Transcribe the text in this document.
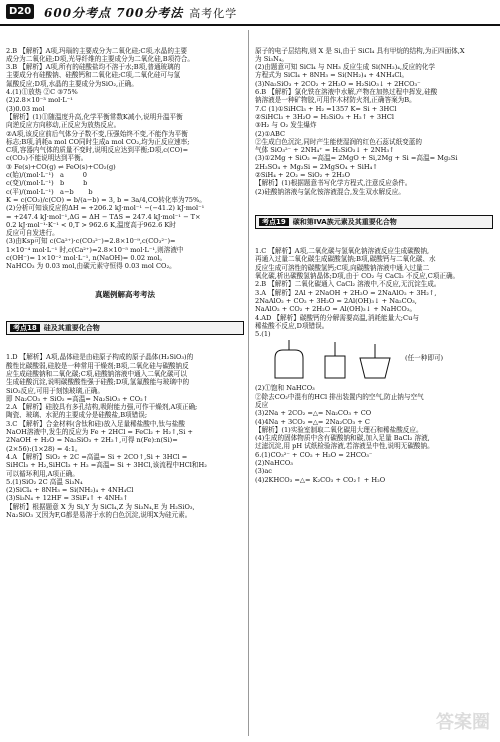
D20 600分考点 700分考法 高考化学

2.B 【解析】A项,玛瑙的主要成分为二氧化硅;C项,水晶的主要
成分为二氧化硅;D项,光导纤维的主要成分为二氧化硅,B项符合。
3.B 【解析】A项,所有的硅酸盐均不溶于水;B项,普通玻璃的
主要成分有硅酸钠、硅酸钙和二氧化硅;C项,二氧化硅可与氢
氟酸反应;D项,水晶的主要成分为SiO₂,正确。
4.(1)①放热 ②C ③75%
(2)2.8×10⁻³ mol·L⁻¹
(3)0.03 mol
【解析】(1)①随温度升高,化学平衡常数K减小,说明升温平衡
向逆反应方向移动,正反应为放热反应。
②A项,该反应前后气体分子数不变,压强始终不变,不能作为平衡
标志;B项,消耗a mol CO同时生成a mol CO₂,均为正反应速率;
C项,容器内气体的质量不变时,说明反应达到平衡;D项,c(CO)=
c(CO₂)不能说明达到平衡。
③ Fe(s)+CO(g) ⇌ FeO(s)+CO₂(g)
c(始)/(mol·L⁻¹)   a         0
c(变)/(mol·L⁻¹)   b         b
c(平)/(mol·L⁻¹)   a−b       b
K = c(CO₂)/c(CO) = b/(a−b) = 3, b = 3a/4,CO转化率为75%。
(2)分析可知该反应的ΔH = +206.2 kJ·mol⁻¹ −(−41.2) kJ·mol⁻¹
= +247.4 kJ·mol⁻¹,ΔG = ΔH − TΔS = 247.4 kJ·mol⁻¹ − T×
0.2 kJ·mol⁻¹·K⁻¹ < 0,T > 962.6 K,温度高于962.6 K时
反应可自发进行。
(3)由Ksp可知 c(Ca²⁺)·c(CO₃²⁻)=2.8×10⁻⁹,c(CO₃²⁻)=
1×10⁻⁴ mol·L⁻¹ 时,c(Ca²⁺)=2.8×10⁻⁵ mol·L⁻¹,则溶液中
c(OH⁻)= 1×10⁻² mol·L⁻¹, n(NaOH)= 0.02 mol。
NaHCO₃ 为 0.03 mol,由碳元素守恒得 0.03 mol CO₂。

真题例解高考考法

考点18 硅及其重要化合物

1.D 【解析】A项,晶体硅是由硅原子构成的原子晶体(H₂SiO₃)的
酸性比碳酸弱,硅胶是一种常用干燥剂;B项,二氧化硅与碳酸钠反
应生成硅酸钠和二氧化碳;C项,硅酸钠溶液中通入二氧化碳可以
生成硅酸沉淀,说明碳酸酸性强于硅酸;D项,氢氟酸能与玻璃中的
SiO₂反应,可用于刻蚀玻璃,正确。
即 Na₂CO₃ + SiO₂ =高温= Na₂SiO₃ + CO₂↑
2.A 【解析】硅胶具有多孔结构,吸附能力强,可作干燥剂,A项正确;
陶瓷、玻璃、水泥的主要成分是硅酸盐,B项错误;
3.C 【解析】合金材料(含钛和硅)放入足量稀盐酸中,钛与盐酸
NaOH溶液中,发生的反应为 Fe + 2HCl = FeCl₂ + H₂↑,Si +
2NaOH + H₂O = Na₂SiO₃ + 2H₂↑,可得 n(Fe):n(Si)=
(2×56):(1×28) = 4:1。
4.A 【解析】SiO₂ + 2C =高温= Si + 2CO↑,Si + 3HCl =
SiHCl₃ + H₂,SiHCl₃ + H₂ =高温= Si + 3HCl,该流程中HCl和H₂
可以循环利用,A项正确。
5.(1)SiO₂ 2C 高温 Si₃N₄
(2)SiCl₄ + 8NH₃ = Si(NH₂)₄ + 4NH₄Cl
(3)Si₃N₄ + 12HF = 3SiF₄↑ + 4NH₃↑
【解析】根据题意 X 为 Si,Y 为 SiCl₄,Z 为 Si₃N₄,E 为 H₂SiO₃,
Na₂SiO₃ 又因为F,G都是易溶于水的白色沉淀,说明X为硅元素。

原子的电子层结构,则 X 是 Si,由于 SiCl₄ 具有甲烷的结构,为正四面体,X
为 Si₃N₄。
(2)由题意可知 SiCl₄ 与 NH₃ 反应生成 Si(NH₂)₄,反应的化学
方程式为 SiCl₄ + 8NH₃ = Si(NH₂)₄ + 4NH₄Cl。
(3)Na₂SiO₃ + 2CO₂ + 2H₂O = H₂SiO₃↓ + 2HCO₃⁻
6.B 【解析】氯化铁在溶液中水解,产物在加热过程中挥发,硅酸
钠溶液是一种矿物胶,可用作木材防火剂,正确答案为B。
7.C (1)①SiHCl₃ + H₂ =1357 K= Si + 3HCl
②SiHCl₃ + 3H₂O = H₂SiO₃ + H₂↑ + 3HCl
③H₂ 与 O₂ 发生爆炸
(2)①ABC
②生成白色沉淀,同时产生能使湿润的红色石蕊试纸变蓝的
气体 SiO₃²⁻ + 2NH₄⁺ = H₂SiO₃↓ + 2NH₃↑
(3)①2Mg + SiO₂ =高温= 2MgO + Si,2Mg + Si =高温= Mg₂Si
2H₂SO₄ + Mg₂Si = 2MgSO₄ + SiH₄↑
②SiH₄ + 2O₂ = SiO₂ + 2H₂O
【解析】(1)根据题意书写化学方程式,注意反应条件。
(2)硅酸钠溶液与氯化铵溶液混合,发生双水解反应。

考点19 碳和第IVA族元素及其重要化合物

1.C 【解析】A项,二氧化碳与氢氧化钠溶液反应生成碳酸钠,
再通入过量二氧化碳生成碳酸氢钠;B项,碳酸钙与二氧化碳、水
反应生成可溶性的碳酸氢钙;C项,向碳酸钠溶液中通入过量二
氧化碳,析出碳酸氢钠晶体;D项,由于 CO₂ 与 CaCl₂ 不反应,C项正确。
2.B 【解析】二氧化碳通入 CaCl₂ 溶液中,不反应,无沉淀生成。
3.A 【解析】2Al + 2NaOH + 2H₂O = 2NaAlO₂ + 3H₂↑,
2NaAlO₂ + CO₂ + 3H₂O = 2Al(OH)₃↓ + Na₂CO₃,
NaAlO₂ + CO₂ + 2H₂O = Al(OH)₃↓ + NaHCO₃。
4.AD 【解析】碳酸钙的分解需要高温,消耗能量大;Cu与
稀盐酸不反应,D项错误。
5.(1)
(任一种即可)
(2)①饱和 NaHCO₃
②除去CO₂中混有的HCl 排出装置内的空气,防止钠与空气
反应
(3)2Na + 2CO₂ =△= Na₂CO₃ + CO
(4)4Na + 3CO₂ =△= 2Na₂CO₃ + C
【解析】(1)实验室制取二氧化碳用大理石和稀盐酸反应。
(4)生成的固体物质中含有碳酸钠和碳,加入足量 BaCl₂ 溶液,
过滤沉淀,用 pH 试纸检验溶液,若溶液呈中性,说明无碳酸钠。
6.(1)CO₃²⁻ + CO₂ + H₂O = 2HCO₃⁻
(2)NaHCO₃
(3)ac
(4)2KHCO₃ =△= K₂CO₃ + CO₂↑ + H₂O

答案圈
